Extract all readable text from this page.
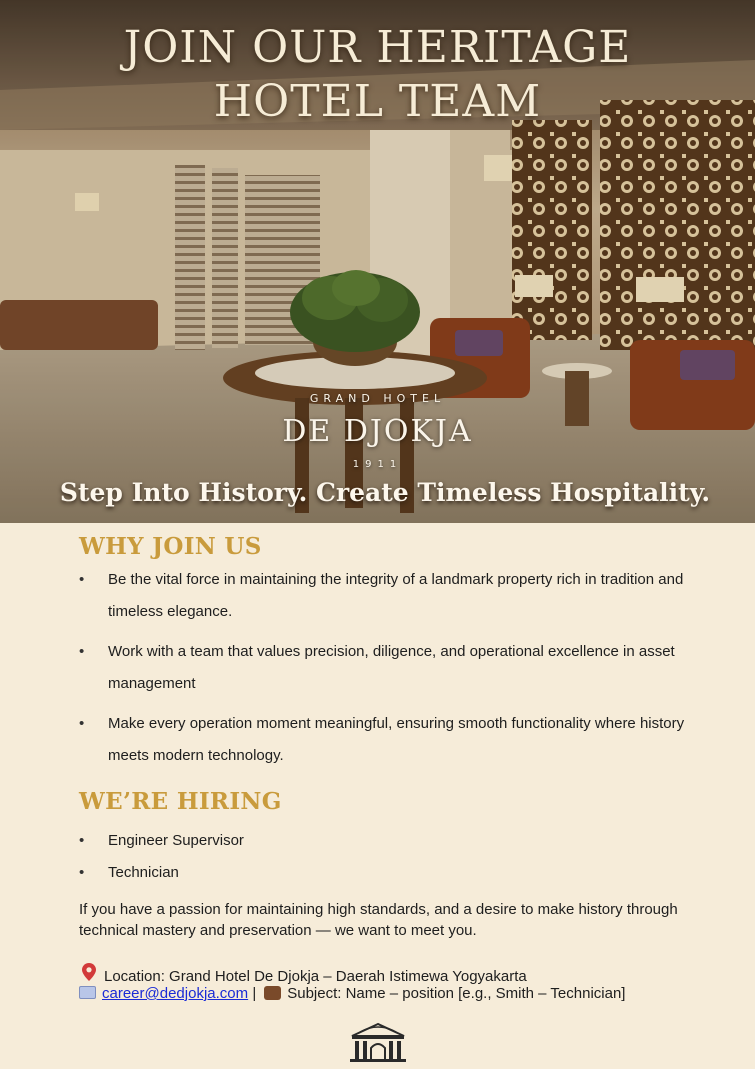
JOIN OUR HERITAGE
HOTEL TEAM
GRAND HOTEL
DE DJOKJA
1911
Step Into History. Create Timeless Hospitality.
WHY JOIN US
• Be the vital force in maintaining the integrity of a landmark property rich in tradition and timeless elegance.
• Work with a team that values precision, diligence, and operational excellence in asset management
• Make every operation moment meaningful, ensuring smooth functionality where history meets modern technology.
WE’RE HIRING
• Engineer Supervisor
• Technician

If you have a passion for maintaining high standards, and a desire to make history through technical mastery and preservation — we want to meet you.

Location: Grand Hotel De Djokja – Daerah Istimewa Yogyakarta
career@dedjokja.com | Subject: Name – position [e.g., Smith – Technician]
